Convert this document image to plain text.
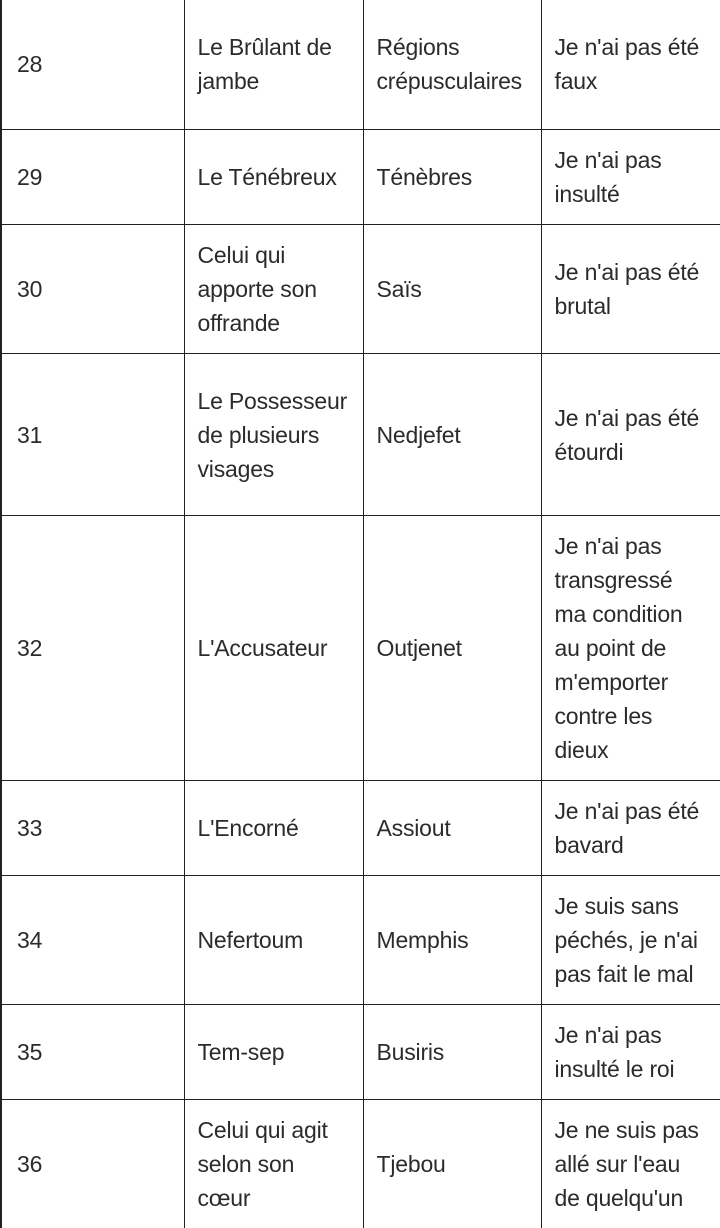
28	Le Brûlant de jambe	Régions crépusculaires	Je n'ai pas été faux
29	Le Ténébreux	Ténèbres	Je n'ai pas insulté
30	Celui qui apporte son offrande	Saïs	Je n'ai pas été brutal
31	Le Possesseur de plusieurs visages	Nedjefet	Je n'ai pas été étourdi
32	L'Accusateur	Outjenet	Je n'ai pas transgressé ma condition au point de m'emporter contre les dieux
33	L'Encorné	Assiout	Je n'ai pas été bavard
34	Nefertoum	Memphis	Je suis sans péchés, je n'ai pas fait le mal
35	Tem-sep	Busiris	Je n'ai pas insulté le roi
36	Celui qui agit selon son cœur	Tjebou	Je ne suis pas allé sur l'eau de quelqu'un
